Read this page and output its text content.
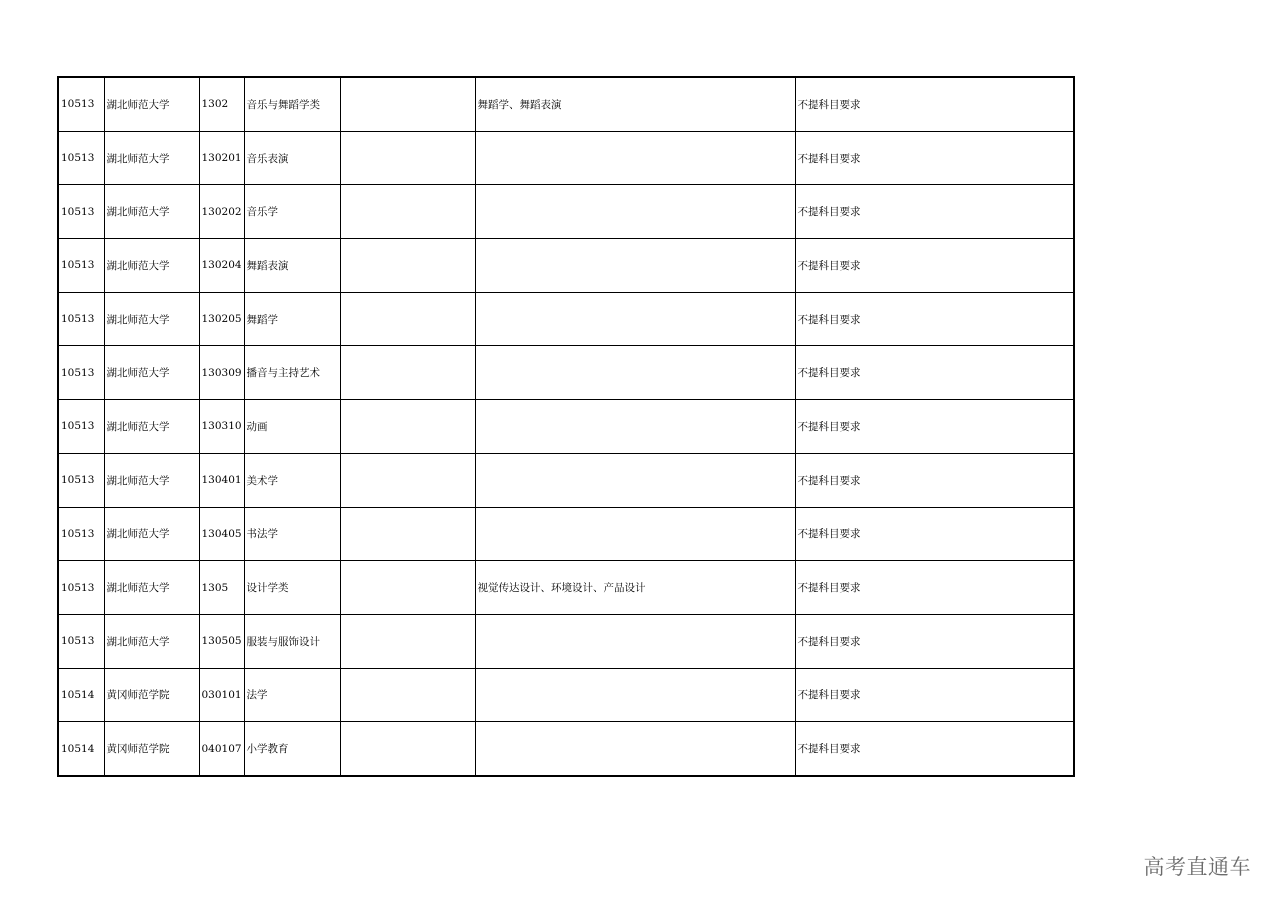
10513	湖北师范大学	1302	音乐与舞蹈学类		舞蹈学、舞蹈表演	不提科目要求
10513	湖北师范大学	130201	音乐表演			不提科目要求
10513	湖北师范大学	130202	音乐学			不提科目要求
10513	湖北师范大学	130204	舞蹈表演			不提科目要求
10513	湖北师范大学	130205	舞蹈学			不提科目要求
10513	湖北师范大学	130309	播音与主持艺术			不提科目要求
10513	湖北师范大学	130310	动画			不提科目要求
10513	湖北师范大学	130401	美术学			不提科目要求
10513	湖北师范大学	130405	书法学			不提科目要求
10513	湖北师范大学	1305	设计学类		视觉传达设计、环境设计、产品设计	不提科目要求
10513	湖北师范大学	130505	服装与服饰设计			不提科目要求
10514	黄冈师范学院	030101	法学			不提科目要求
10514	黄冈师范学院	040107	小学教育			不提科目要求
高考直通车
